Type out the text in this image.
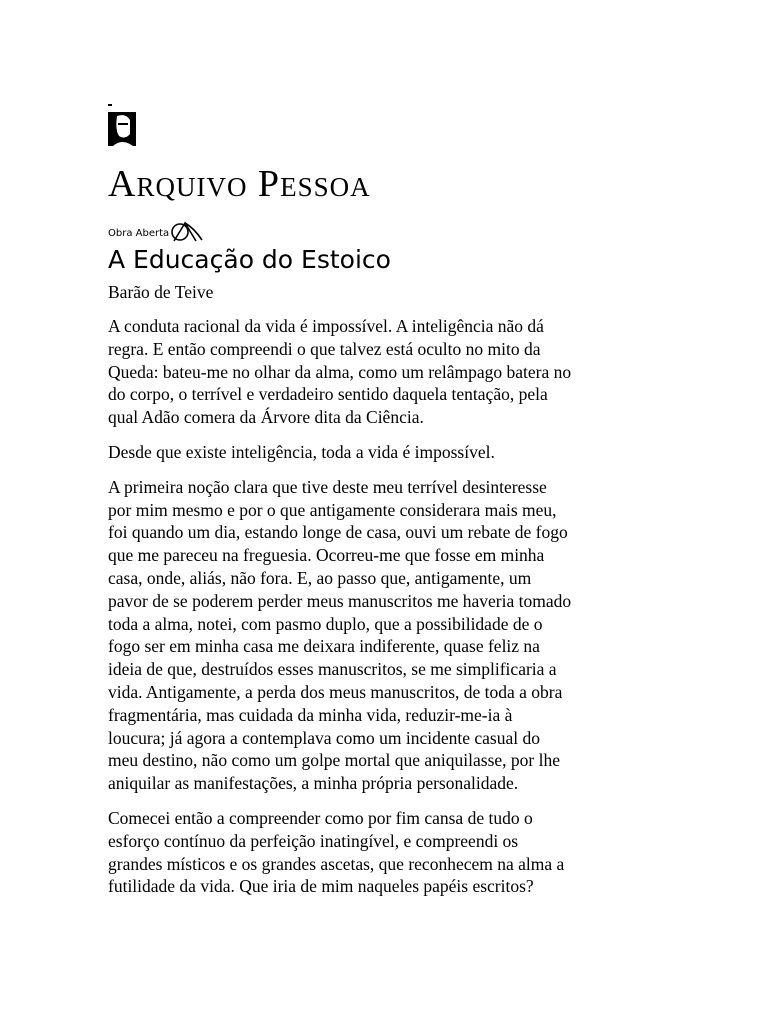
Arquivo Pessoa
Obra Aberta
A Educação do Estoico

Barão de Teive

A conduta racional da vida é impossível. A inteligência não dá
regra. E então compreendi o que talvez está oculto no mito da
Queda: bateu-me no olhar da alma, como um relâmpago batera no
do corpo, o terrível e verdadeiro sentido daquela tentação, pela
qual Adão comera da Árvore dita da Ciência.

Desde que existe inteligência, toda a vida é impossível.

A primeira noção clara que tive deste meu terrível desinteresse
por mim mesmo e por o que antigamente considerara mais meu,
foi quando um dia, estando longe de casa, ouvi um rebate de fogo
que me pareceu na freguesia. Ocorreu-me que fosse em minha
casa, onde, aliás, não fora. E, ao passo que, antigamente, um
pavor de se poderem perder meus manuscritos me haveria tomado
toda a alma, notei, com pasmo duplo, que a possibilidade de o
fogo ser em minha casa me deixara indiferente, quase feliz na
ideia de que, destruídos esses manuscritos, se me simplificaria a
vida. Antigamente, a perda dos meus manuscritos, de toda a obra
fragmentária, mas cuidada da minha vida, reduzir-me-ia à
loucura; já agora a contemplava como um incidente casual do
meu destino, não como um golpe mortal que aniquilasse, por lhe
aniquilar as manifestações, a minha própria personalidade.

Comecei então a compreender como por fim cansa de tudo o
esforço contínuo da perfeição inatingível, e compreendi os
grandes místicos e os grandes ascetas, que reconhecem na alma a
futilidade da vida. Que iria de mim naqueles papéis escritos?
